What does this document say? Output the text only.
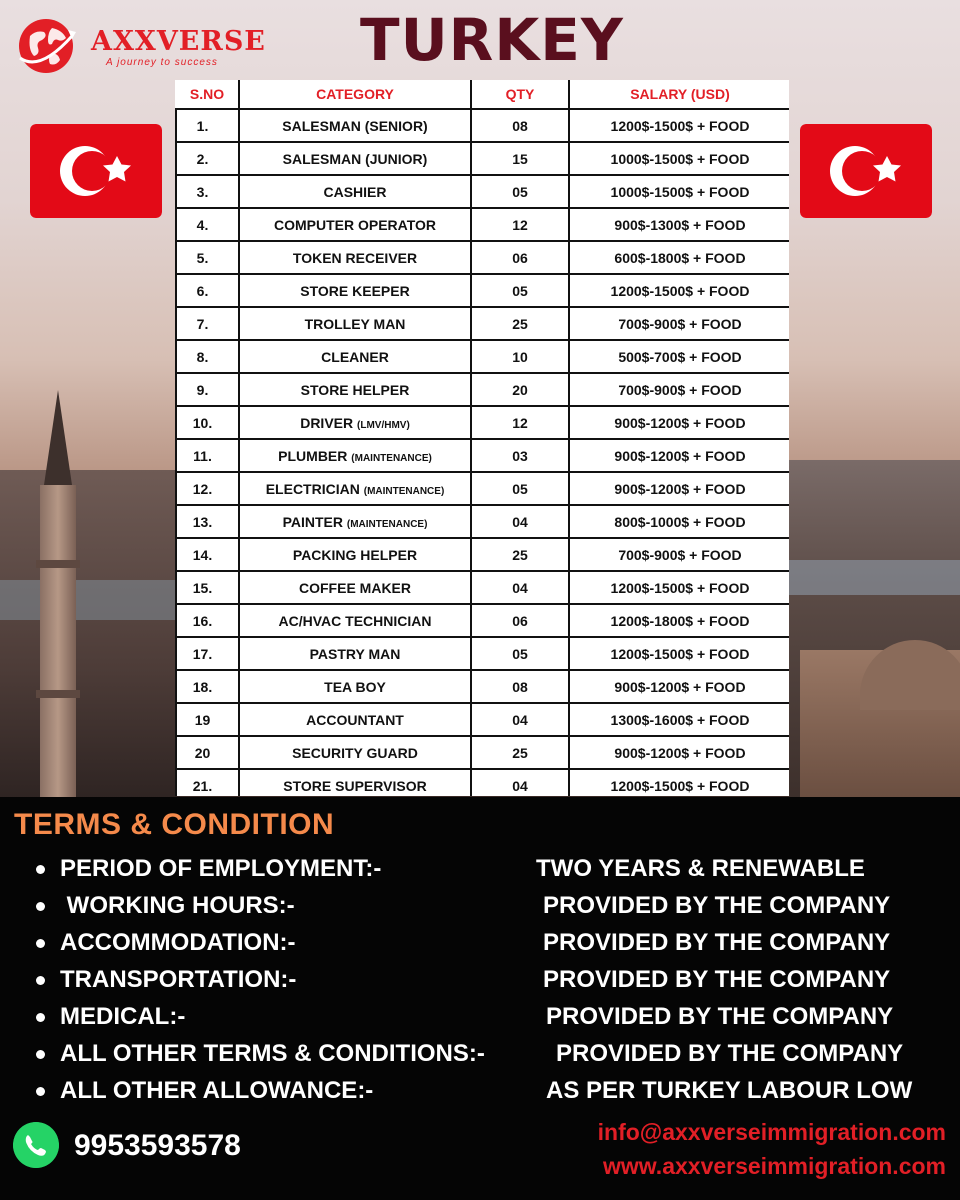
AXXVERSE
A journey to success TURKEY
S.NO	CATEGORY	QTY	SALARY (USD)
1.	SALESMAN (SENIOR)	08	1200$-1500$ + FOOD
2.	SALESMAN (JUNIOR)	15	1000$-1500$ + FOOD
3.	CASHIER	05	1000$-1500$ + FOOD
4.	COMPUTER OPERATOR	12	900$-1300$ + FOOD
5.	TOKEN RECEIVER	06	600$-1800$ + FOOD
6.	STORE KEEPER	05	1200$-1500$ + FOOD
7.	TROLLEY MAN	25	700$-900$ + FOOD
8.	CLEANER	10	500$-700$ + FOOD
9.	STORE HELPER	20	700$-900$ + FOOD
10.	DRIVER (LMV/HMV)	12	900$-1200$ + FOOD
11.	PLUMBER (MAINTENANCE)	03	900$-1200$ + FOOD
12.	ELECTRICIAN (MAINTENANCE)	05	900$-1200$ + FOOD
13.	PAINTER (MAINTENANCE)	04	800$-1000$ + FOOD
14.	PACKING HELPER	25	700$-900$ + FOOD
15.	COFFEE MAKER	04	1200$-1500$ + FOOD
16.	AC/HVAC TECHNICIAN	06	1200$-1800$ + FOOD
17.	PASTRY MAN	05	1200$-1500$ + FOOD
18.	TEA BOY	08	900$-1200$ + FOOD
19	ACCOUNTANT	04	1300$-1600$ + FOOD
20	SECURITY GUARD	25	900$-1200$ + FOOD
21.	STORE SUPERVISOR	04	1200$-1500$ + FOOD
TERMS & CONDITION
PERIOD OF EMPLOYMENT:-	TWO YEARS & RENEWABLE
WORKING HOURS:-	PROVIDED BY THE COMPANY
ACCOMMODATION:-	PROVIDED BY THE COMPANY
TRANSPORTATION:-	PROVIDED BY THE COMPANY
MEDICAL:-	PROVIDED BY THE COMPANY
ALL OTHER TERMS & CONDITIONS:-	PROVIDED BY THE COMPANY
ALL OTHER ALLOWANCE:-	AS PER TURKEY LABOUR LOW
9953593578	info@axxverseimmigration.com
www.axxverseimmigration.com
